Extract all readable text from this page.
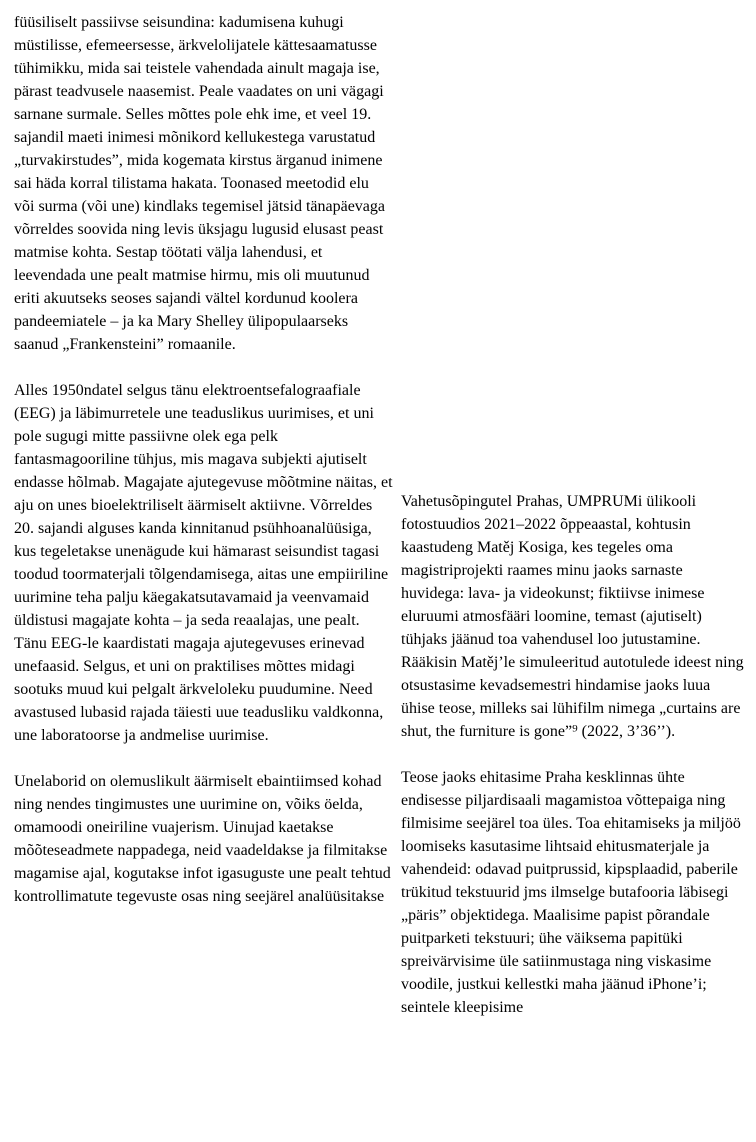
füüsiliselt passiivse seisundina: kadumisena kuhugi müstilisse, efemeersesse, ärkvelolijatele kättesaamatusse tühimikku, mida sai teistele vahendada ainult magaja ise, pärast teadvusele naasemist. Peale vaadates on uni vägagi sarnane surmale. Selles mõttes pole ehk ime, et veel 19. sajandil maeti inimesi mõnikord kellukestega varustatud „turvakirstudes”, mida kogemata kirstus ärganud inimene sai häda korral tilistama hakata. Toonased meetodid elu või surma (või une) kindlaks tegemisel jätsid tänapäevaga võrreldes soovida ning levis üksjagu lugusid elusast peast matmise kohta. Sestap töötati välja lahendusi, et leevendada une pealt matmise hirmu, mis oli muutunud eriti akuutseks seoses sajandi vältel kordunud koolera pandeemiatele – ja ka Mary Shelley ülipopulaarseks saanud „Frankensteini” romaanile.

Alles 1950ndatel selgus tänu elektroentsefalograafiale (EEG) ja läbimurretele une teaduslikus uurimises, et uni pole sugugi mitte passiivne olek ega pelk fantasmagooriline tühjus, mis magava subjekti ajutiselt endasse hõlmab. Magajate ajutegevuse mõõtmine näitas, et aju on unes bioelektriliselt äärmiselt aktiivne. Võrreldes 20. sajandi alguses kanda kinnitanud psühhoanalüüsiga, kus tegeletakse unenägude kui hämarast seisundist tagasi toodud toormaterjali tõlgendamisega, aitas une empiiriline uurimine teha palju käegakatsutavamaid ja veenvamaid üldistusi magajate kohta – ja seda reaalajas, une pealt. Tänu EEG-le kaardistati magaja ajutegevuses erinevad unefaasid. Selgus, et uni on praktilises mõttes midagi sootuks muud kui pelgalt ärkveloleku puudumine. Need avastused lubasid rajada täiesti uue teadusliku valdkonna, une laboratoorse ja andmelise uurimise.

Unelaborid on olemuslikult äärmiselt ebaintiimsed kohad ning nendes tingimustes une uurimine on, võiks öelda, omamoodi oneiriline vuajerism. Uinujad kaetakse mõõteseadmete nappadega, neid vaadeldakse ja filmitakse magamise ajal, kogutakse infot igasuguste une pealt tehtud kontrollimatute tegevuste osas ning seejärel analüüsitakse

Vahetusõpingutel Prahas, UMPRUMi ülikooli fotostuudios 2021–2022 õppeaastal, kohtusin kaastudeng Matěj Kosiga, kes tegeles oma magistriprojekti raames minu jaoks sarnaste huvidega: lava- ja videokunst; fiktiivse inimese eluruumi atmosfääri loomine, temast (ajutiselt) tühjaks jäänud toa vahendusel loo jutustamine. Rääkisin Matěj’le simuleeritud autotulede ideest ning otsustasime kevadsemestri hindamise jaoks luua ühise teose, milleks sai lühifilm nimega „curtains are shut, the furniture is gone”⁹ (2022, 3’36’’).

Teose jaoks ehitasime Praha kesklinnas ühte endisesse piljardisaali magamistoa võttepaiga ning filmisime seejärel toa üles. Toa ehitamiseks ja miljöö loomiseks kasutasime lihtsaid ehitusmaterjale ja vahendeid: odavad puitprussid, kipsplaadid, paberile trükitud tekstuurid jms ilmselge butafooria läbisegi „päris” objektidega. Maalisime papist põrandale puitparketi tekstuuri; ühe väiksema papitüki spreivärvisime üle satiinmustaga ning viskasime voodile, justkui kellestki maha jäänud iPhone’i; seintele kleepisime
